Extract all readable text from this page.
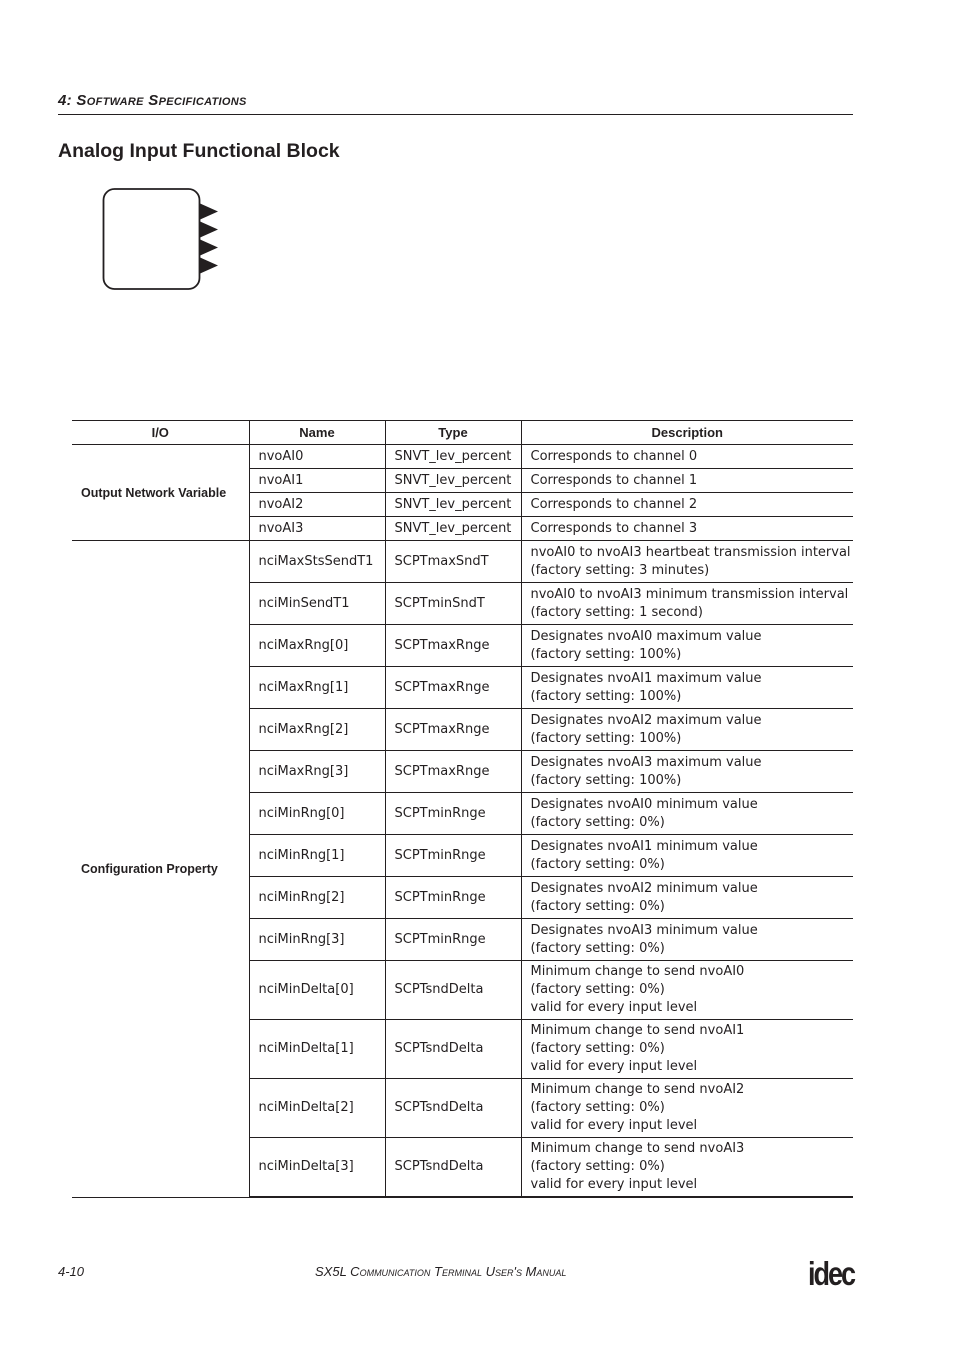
4: Software Specifications
Analog Input Functional Block
I/O	Name	Type	Description
Output Network Variable	nvoAI0	SNVT_lev_percent	Corresponds to channel 0

	nvoAI1	SNVT_lev_percent	Corresponds to channel 1

	nvoAI2	SNVT_lev_percent	Corresponds to channel 2

	nvoAI3	SNVT_lev_percent	Corresponds to channel 3

Configuration Property	nciMaxStsSendT1	SCPTmaxSndT	nvoAI0 to nvoAI3 heartbeat transmission interval
(factory setting: 3 minutes)

	nciMinSendT1	SCPTminSndT	nvoAI0 to nvoAI3 minimum transmission interval
(factory setting: 1 second)

	nciMaxRng[0]	SCPTmaxRnge	Designates nvoAI0 maximum value
(factory setting: 100%)

	nciMaxRng[1]	SCPTmaxRnge	Designates nvoAI1 maximum value
(factory setting: 100%)

	nciMaxRng[2]	SCPTmaxRnge	Designates nvoAI2 maximum value
(factory setting: 100%)

	nciMaxRng[3]	SCPTmaxRnge	Designates nvoAI3 maximum value
(factory setting: 100%)

	nciMinRng[0]	SCPTminRnge	Designates nvoAI0 minimum value
(factory setting: 0%)

	nciMinRng[1]	SCPTminRnge	Designates nvoAI1 minimum value
(factory setting: 0%)

	nciMinRng[2]	SCPTminRnge	Designates nvoAI2 minimum value
(factory setting: 0%)

	nciMinRng[3]	SCPTminRnge	Designates nvoAI3 minimum value
(factory setting: 0%)

	nciMinDelta[0]	SCPTsndDelta	Minimum change to send nvoAI0
(factory setting: 0%)
valid for every input level

	nciMinDelta[1]	SCPTsndDelta	Minimum change to send nvoAI1
(factory setting: 0%)
valid for every input level

	nciMinDelta[2]	SCPTsndDelta	Minimum change to send nvoAI2
(factory setting: 0%)
valid for every input level

	nciMinDelta[3]	SCPTsndDelta	Minimum change to send nvoAI3
(factory setting: 0%)
valid for every input level
4-10	SX5L Communication Terminal User's Manual	idec
